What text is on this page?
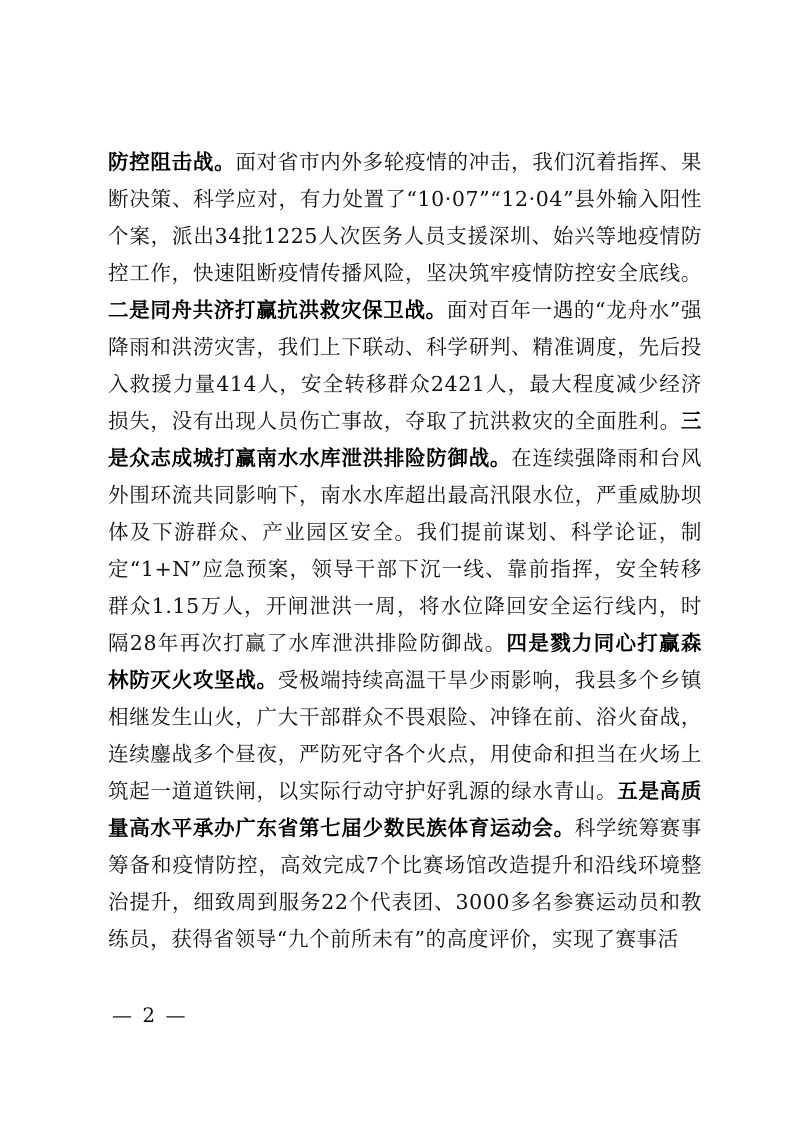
防控阻击战。面对省市内外多轮疫情的冲击，我们沉着指挥、果断决策、科学应对，有力处置了“10·07”“12·04”县外输入阳性个案，派出34批1225人次医务人员支援深圳、始兴等地疫情防控工作，快速阻断疫情传播风险，坚决筑牢疫情防控安全底线。二是同舟共济打赢抗洪救灾保卫战。面对百年一遇的“龙舟水”强降雨和洪涝灾害，我们上下联动、科学研判、精准调度，先后投入救援力量414人，安全转移群众2421人，最大程度减少经济损失，没有出现人员伤亡事故，夺取了抗洪救灾的全面胜利。三是众志成城打赢南水水库泄洪排险防御战。在连续强降雨和台风外围环流共同影响下，南水水库超出最高汛限水位，严重威胁坝体及下游群众、产业园区安全。我们提前谋划、科学论证，制定“1+N”应急预案，领导干部下沉一线、靠前指挥，安全转移群众1.15万人，开闸泄洪一周，将水位降回安全运行线内，时隔28年再次打赢了水库泄洪排险防御战。四是戮力同心打赢森林防灭火攻坚战。受极端持续高温干旱少雨影响，我县多个乡镇相继发生山火，广大干部群众不畏艰险、冲锋在前、浴火奋战，连续鏖战多个昼夜，严防死守各个火点，用使命和担当在火场上筑起一道道铁闸，以实际行动守护好乳源的绿水青山。五是高质量高水平承办广东省第七届少数民族体育运动会。科学统筹赛事筹备和疫情防控，高效完成7个比赛场馆改造提升和沿线环境整治提升，细致周到服务22个代表团、3000多名参赛运动员和教练员，获得省领导“九个前所未有”的高度评价，实现了赛事活
— 2 —
